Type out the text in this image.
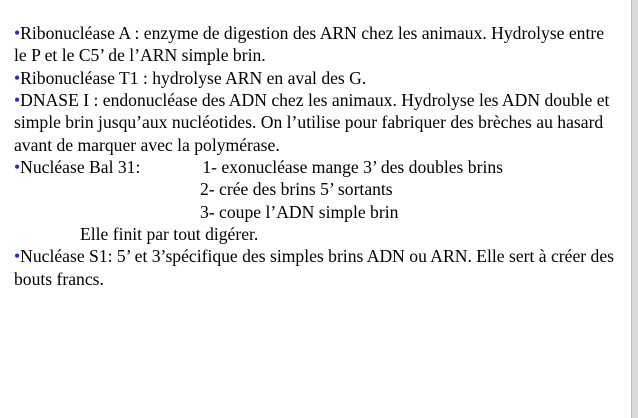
•Ribonucléase A : enzyme de digestion des ARN chez les animaux. Hydrolyse entre le P et le C5’ de l’ARN simple brin.

•Ribonucléase T1 : hydrolyse ARN en aval des G.

•DNASE I : endonucléase des ADN chez les animaux. Hydrolyse les ADN double et simple brin jusqu’aux nucléotides. On l’utilise pour fabriquer des brèches au hasard avant de marquer avec la polymérase.

•Nucléase Bal 31:	1- exonucléase mange 3’ des doubles brins
2- crée des brins 5’ sortants
3- coupe l’ADN simple brin
Elle finit par tout digérer.

•Nucléase S1: 5’ et 3’spécifique des simples brins ADN ou ARN. Elle sert à créer des bouts francs.
